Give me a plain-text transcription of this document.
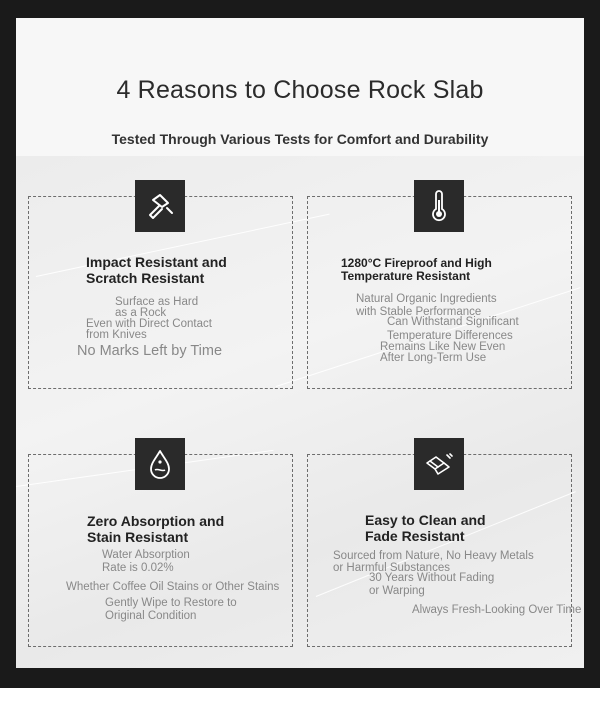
4 Reasons to Choose Rock Slab
Tested Through Various Tests for Comfort and Durability
Impact Resistant and
Scratch Resistant
Surface as Hard
as a Rock
Even with Direct Contact
from Knives
No Marks Left by Time
1280°C Fireproof and High
Temperature Resistant
Natural Organic Ingredients
with Stable Performance
Can Withstand Significant
Temperature Differences
Remains Like New Even
After Long-Term Use
Zero Absorption and
Stain Resistant
Water Absorption
Rate is 0.02%
Whether Coffee Oil Stains or Other Stains
Gently Wipe to Restore to
Original Condition
Easy to Clean and
Fade Resistant
Sourced from Nature, No Heavy Metals
or Harmful Substances
30 Years Without Fading
or Warping
Always Fresh-Looking Over Time
